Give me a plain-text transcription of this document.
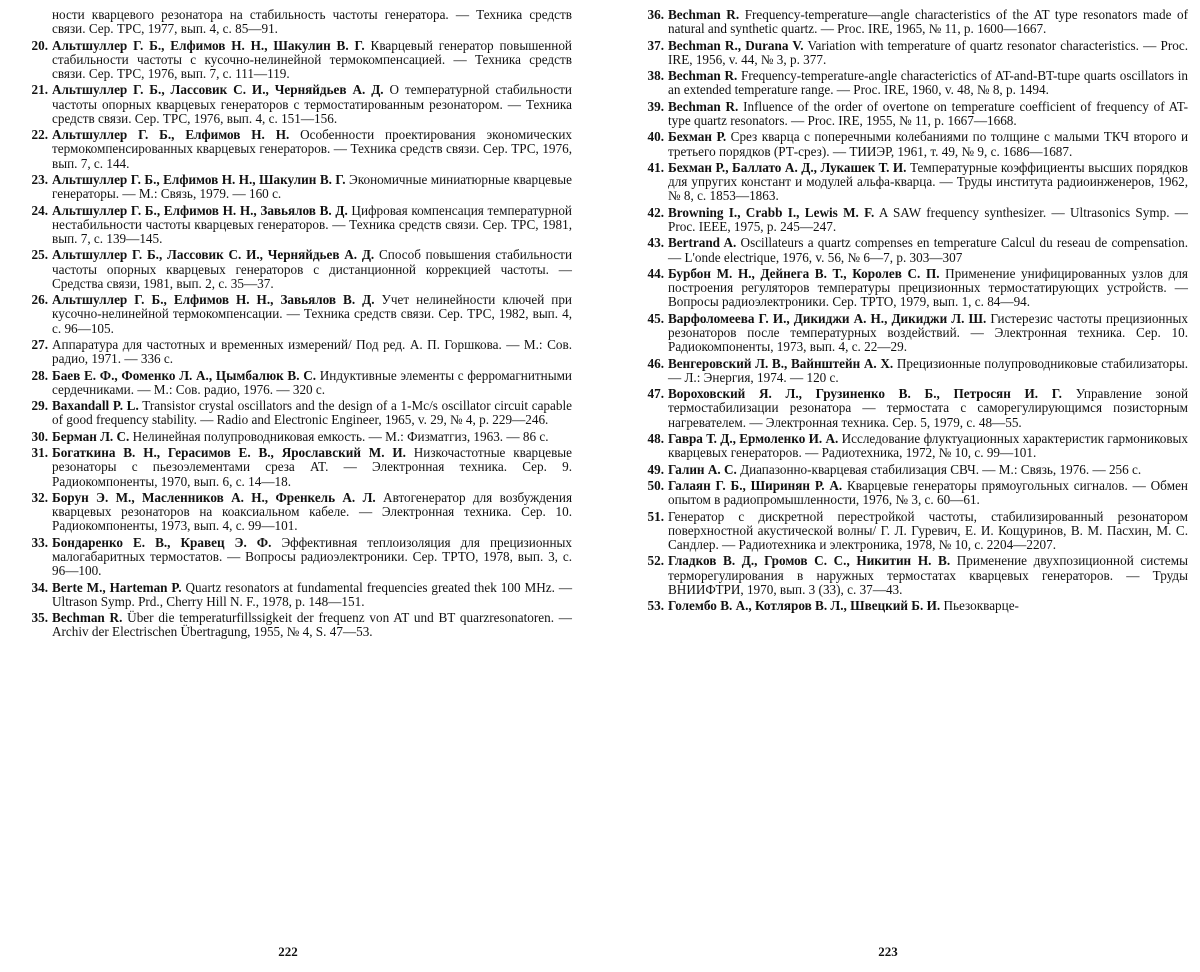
ности кварцевого резонатора на стабильность частоты генератора. — Техника средств связи. Сер. ТРС, 1977, вып. 4, с. 85—91.

20. Альтшуллер Г. Б., Елфимов Н. Н., Шакулин В. Г. Кварцевый генератор повышенной стабильности частоты с кусочно-нелинейной термокомпенсацией. — Техника средств связи. Сер. ТРС, 1976, вып. 7, с. 111—119.

21. Альтшуллер Г. Б., Лассовик С. И., Черняйдьев А. Д. О температурной стабильности частоты опорных кварцевых генераторов с термостатированным резонатором. — Техника средств связи. Сер. ТРС, 1976, вып. 4, с. 151—156.

22. Альтшуллер Г. Б., Елфимов Н. Н. Особенности проектирования экономических термокомпенсированных кварцевых генераторов. — Техника средств связи. Сер. ТРС, 1976, вып. 7, с. 144.

23. Альтшуллер Г. Б., Елфимов Н. Н., Шакулин В. Г. Экономичные миниатюрные кварцевые генераторы. — М.: Связь, 1979. — 160 с.

24. Альтшуллер Г. Б., Елфимов Н. Н., Завьялов В. Д. Цифровая компенсация температурной нестабильности частоты кварцевых генераторов. — Техника средств связи. Сер. ТРС, 1981, вып. 7, с. 139—145.

25. Альтшуллер Г. Б., Лассовик С. И., Черняйдьев А. Д. Способ повышения стабильности частоты опорных кварцевых генераторов с дистанционной коррекцией частоты. — Средства связи, 1981, вып. 2, с. 35—37.

26. Альтшуллер Г. Б., Елфимов Н. Н., Завьялов В. Д. Учет нелинейности ключей при кусочно-нелинейной термокомпенсации. — Техника средств связи. Сер. ТРС, 1982, вып. 4, с. 96—105.

27. Аппаратура для частотных и временных измерений/ Под ред. А. П. Горшкова. — М.: Сов. радио, 1971. — 336 с.

28. Баев Е. Ф., Фоменко Л. А., Цымбалюк В. С. Индуктивные элементы с ферромагнитными сердечниками. — М.: Сов. радио, 1976. — 320 с.

29. Baxandall P. L. Transistor crystal oscillators and the design of a 1-Mc/s oscillator circuit capable of good frequency stability. — Radio and Electronic Engineer, 1965, v. 29, № 4, p. 229—246.

30. Берман Л. С. Нелинейная полупроводниковая емкость. — М.: Физматгиз, 1963. — 86 с.

31. Богаткина В. Н., Герасимов Е. В., Ярославский М. И. Низкочастотные кварцевые резонаторы с пьезоэлементами среза AT. — Электронная техника. Сер. 9. Радиокомпоненты, 1970, вып. 6, с. 14—18.

32. Борун Э. М., Масленников А. Н., Френкель А. Л. Автогенератор для возбуждения кварцевых резонаторов на коаксиальном кабеле. — Электронная техника. Сер. 10. Радиокомпоненты, 1973, вып. 4, с. 99—101.

33. Бондаренко Е. В., Кравец Э. Ф. Эффективная теплоизоляция для прецизионных малогабаритных термостатов. — Вопросы радиоэлектроники. Сер. ТРТО, 1978, вып. 3, с. 96—100.

34. Berte M., Harteman P. Quartz resonators at fundamental frequencies greated thek 100 MHz. — Ultrason Symp. Prd., Cherry Hill N. F., 1978, p. 148—151.

35. Bechman R. Über die temperaturfillssigkeit der frequenz von AT und BT quarzresonatoren. — Archiv der Electrischen Übertragung, 1955, № 4, S. 47—53.

222

36. Bechman R. Frequency-temperature—angle characteristics of the AT type resonators made of natural and synthetic quartz. — Proc. IRE, 1965, № 11, p. 1600—1667.

37. Bechman R., Durana V. Variation with temperature of quartz resonator characteristics. — Proc. IRE, 1956, v. 44, № 3, p. 377.

38. Bechman R. Frequency-temperature-angle characterictics of AT-and-BT-tupe quarts oscillators in an extended temperature range. — Proc. IRE, 1960, v. 48, № 8, p. 1494.

39. Bechman R. Influence of the order of overtone on temperature coefficient of frequency of AT-type quartz resonators. — Proc. IRE, 1955, № 11, p. 1667—1668.

40. Бехман Р. Срез кварца с поперечными колебаниями по толщине с малыми ТКЧ второго и третьего порядков (РТ-срез). — ТИИЭР, 1961, т. 49, № 9, с. 1686—1687.

41. Бехман Р., Баллато А. Д., Лукашек Т. И. Температурные коэффициенты высших порядков для упругих констант и модулей альфа-кварца. — Труды института радиоинженеров, 1962, № 8, с. 1853—1863.

42. Browning I., Crabb I., Lewis M. F. A SAW frequency synthesizer. — Ultrasonics Symp. — Proc. IEEE, 1975, p. 245—247.

43. Bertrand A. Oscillateurs a quartz compenses en temperature Calcul du reseau de compensation. — L'onde electrique, 1976, v. 56, № 6—7, p. 303—307

44. Бурбон М. Н., Дейнега В. Т., Королев С. П. Применение унифицированных узлов для построения регуляторов температуры прецизионных термостатирующих устройств. — Вопросы радиоэлектроники. Сер. ТРТО, 1979, вып. 1, с. 84—94.

45. Варфоломеева Г. И., Дикиджи А. Н., Дикиджи Л. Ш. Гистерезис частоты прецизионных резонаторов после температурных воздействий. — Электронная техника. Сер. 10. Радиокомпоненты, 1973, вып. 4, с. 22—29.

46. Венгеровский Л. В., Вайнштейн А. Х. Прецизионные полупроводниковые стабилизаторы. — Л.: Энергия, 1974. — 120 с.

47. Вороховский Я. Л., Грузиненко В. Б., Петросян И. Г. Управление зоной термостабилизации резонатора — термостата с саморегулирующимся позисторным нагревателем. — Электронная техника. Сер. 5, 1979, с. 48—55.

48. Гавра Т. Д., Ермоленко И. А. Исследование флуктуационных характеристик гармониковых кварцевых генераторов. — Радиотехника, 1972, № 10, с. 99—101.

49. Галин А. С. Диапазонно-кварцевая стабилизация СВЧ. — М.: Связь, 1976. — 256 с.

50. Галаян Г. Б., Ширинян Р. А. Кварцевые генераторы прямоугольных сигналов. — Обмен опытом в радиопромышленности, 1976, № 3, с. 60—61.

51. Генератор с дискретной перестройкой частоты, стабилизированный резонатором поверхностной акустической волны/ Г. Л. Гуревич, Е. И. Кощуринов, В. М. Пасхин, М. С. Сандлер. — Радиотехника и электроника, 1978, № 10, с. 2204—2207.

52. Гладков В. Д., Громов С. С., Никитин Н. В. Применение двухпозиционной системы терморегулирования в наружных термостатах кварцевых генераторов. — Труды ВНИИФТРИ, 1970, вып. 3 (33), с. 37—43.

53. Голембо В. А., Котляров В. Л., Швецкий Б. И. Пьезокварце-

223
